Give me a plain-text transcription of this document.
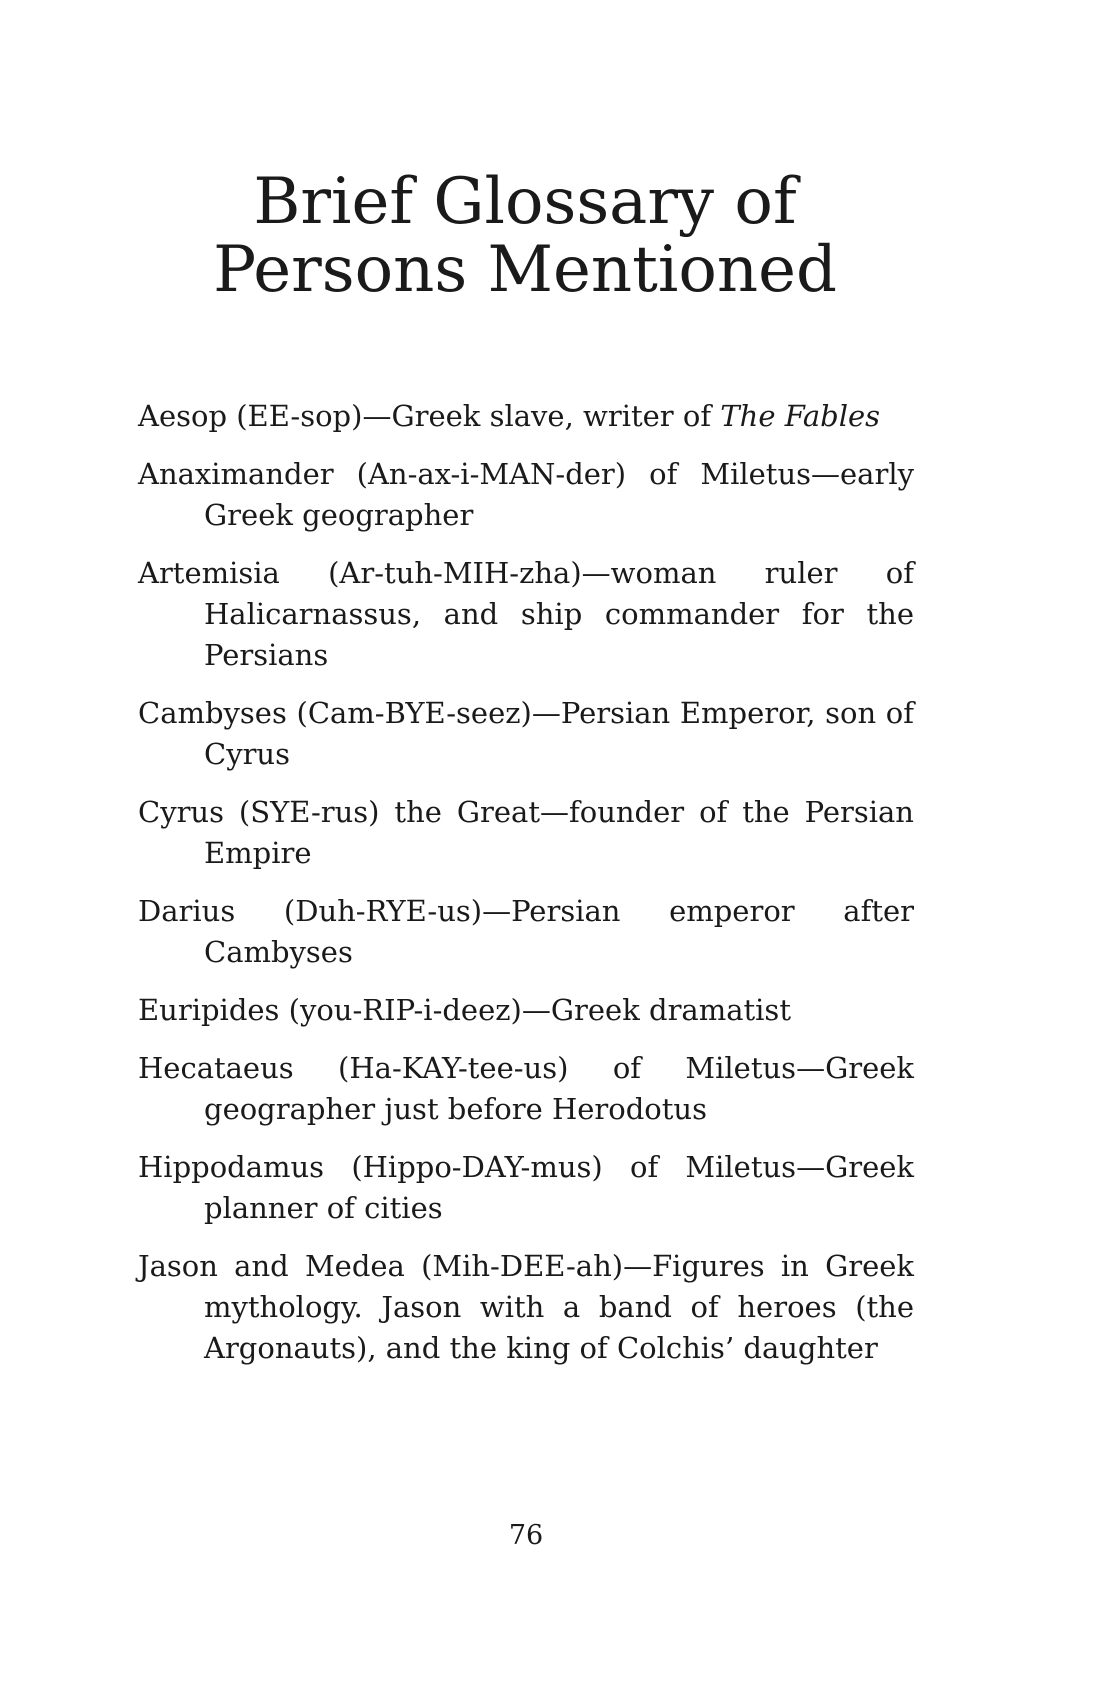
Brief Glossary of
Persons Mentioned

Aesop (EE-sop)—Greek slave, writer of The Fables

Anaximander (An-ax-i-MAN-der) of Miletus—early Greek geographer

Artemisia (Ar-tuh-MIH-zha)—woman ruler of Halicarnassus, and ship commander for the Persians

Cambyses (Cam-BYE-seez)—Persian Emperor, son of Cyrus

Cyrus (SYE-rus) the Great—founder of the Persian Empire

Darius (Duh-RYE-us)—Persian emperor after Cambyses

Euripides (you-RIP-i-deez)—Greek dramatist

Hecataeus (Ha-KAY-tee-us) of Miletus—Greek geographer just before Herodotus

Hippodamus (Hippo-DAY-mus) of Miletus—Greek planner of cities

Jason and Medea (Mih-DEE-ah)—Figures in Greek mythology. Jason with a band of heroes (the Argonauts), and the king of Colchis’ daughter

76
